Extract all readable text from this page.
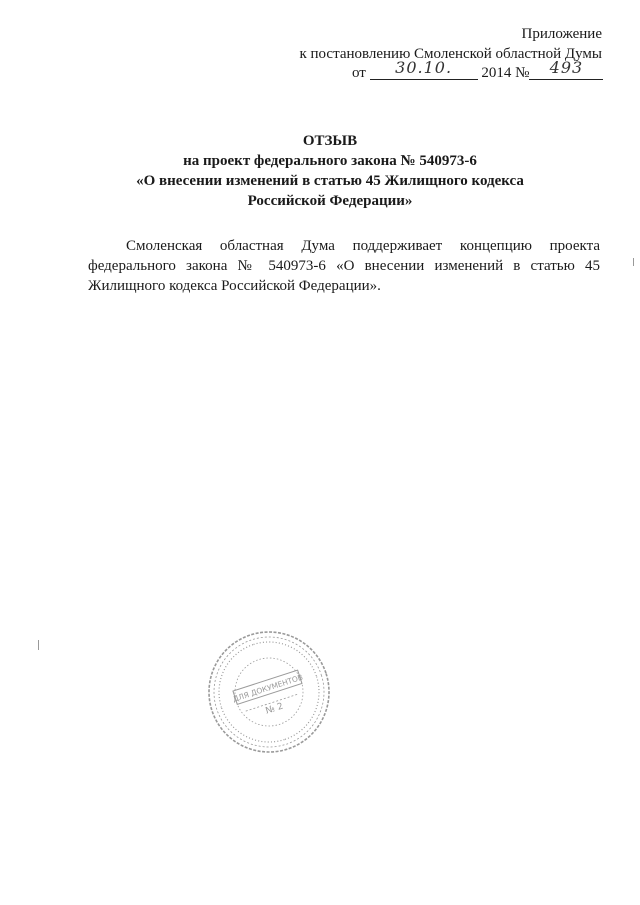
Приложение
к постановлению Смоленской областной Думы
от 30.10. 2014 № 493
ОТЗЫВ
на проект федерального закона № 540973-6
«О внесении изменений в статью 45 Жилищного кодекса
Российской Федерации»
Смоленская областная Дума поддерживает концепцию проекта федерального закона № 540973-6 «О внесении изменений в статью 45 Жилищного кодекса Российской Федерации».
ДЛЯ ДОКУМЕНТОВ
№ 2
